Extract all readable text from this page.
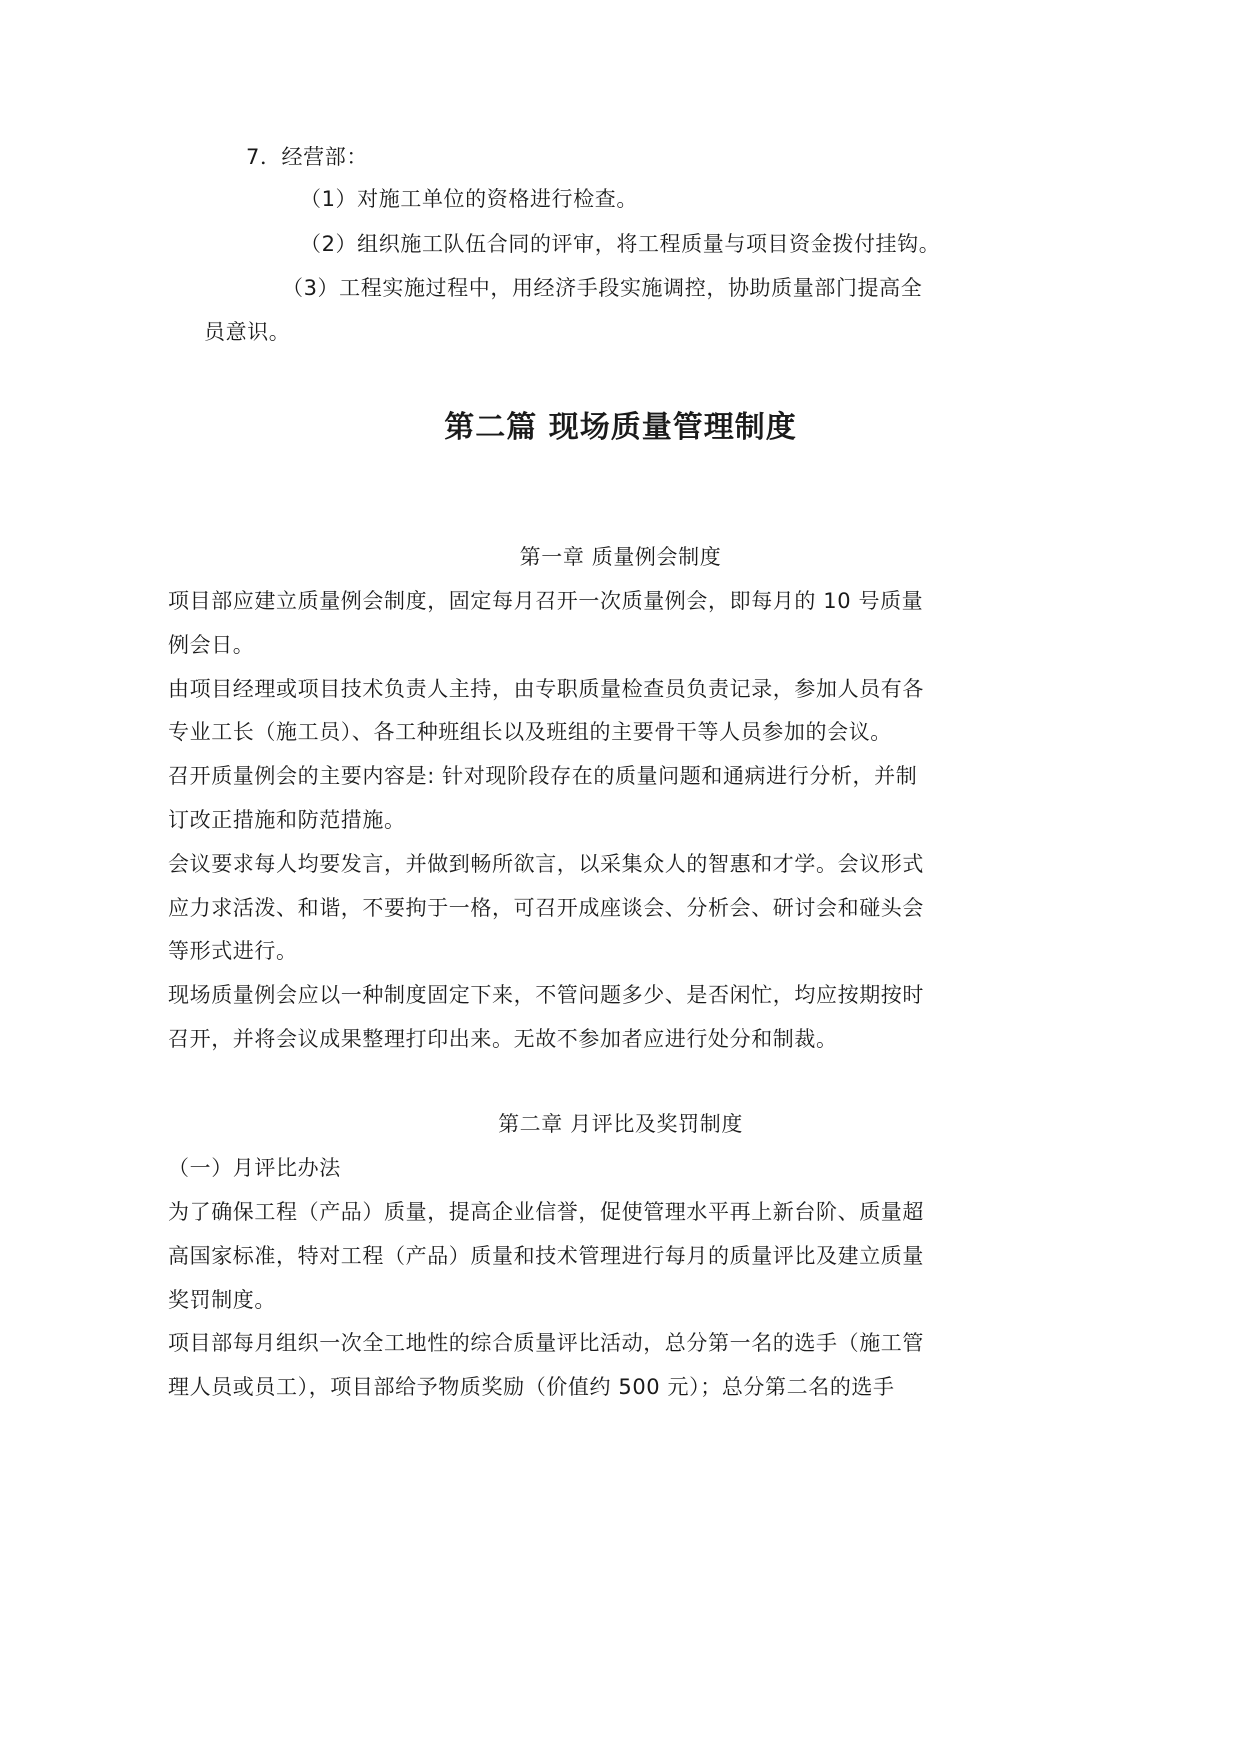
7．经营部：
（1）对施工单位的资格进行检查。
（2）组织施工队伍合同的评审，将工程质量与项目资金拨付挂钩。
（3）工程实施过程中，用经济手段实施调控，协助质量部门提高全
员意识。
第二篇 现场质量管理制度
第一章 质量例会制度
项目部应建立质量例会制度，固定每月召开一次质量例会，即每月的 10 号质量
例会日。
由项目经理或项目技术负责人主持，由专职质量检查员负责记录，参加人员有各
专业工长（施工员）、各工种班组长以及班组的主要骨干等人员参加的会议。
召开质量例会的主要内容是: 针对现阶段存在的质量问题和通病进行分析，并制
订改正措施和防范措施。
会议要求每人均要发言，并做到畅所欲言，以采集众人的智惠和才学。会议形式
应力求活泼、和谐，不要拘于一格，可召开成座谈会、分析会、研讨会和碰头会
等形式进行。
现场质量例会应以一种制度固定下来，不管问题多少、是否闲忙，均应按期按时
召开，并将会议成果整理打印出来。无故不参加者应进行处分和制裁。
第二章 月评比及奖罚制度
（一）月评比办法
为了确保工程（产品）质量，提高企业信誉，促使管理水平再上新台阶、质量超
高国家标准，特对工程（产品）质量和技术管理进行每月的质量评比及建立质量
奖罚制度。
项目部每月组织一次全工地性的综合质量评比活动，总分第一名的选手（施工管
理人员或员工），项目部给予物质奖励（价值约 500 元）；总分第二名的选手
